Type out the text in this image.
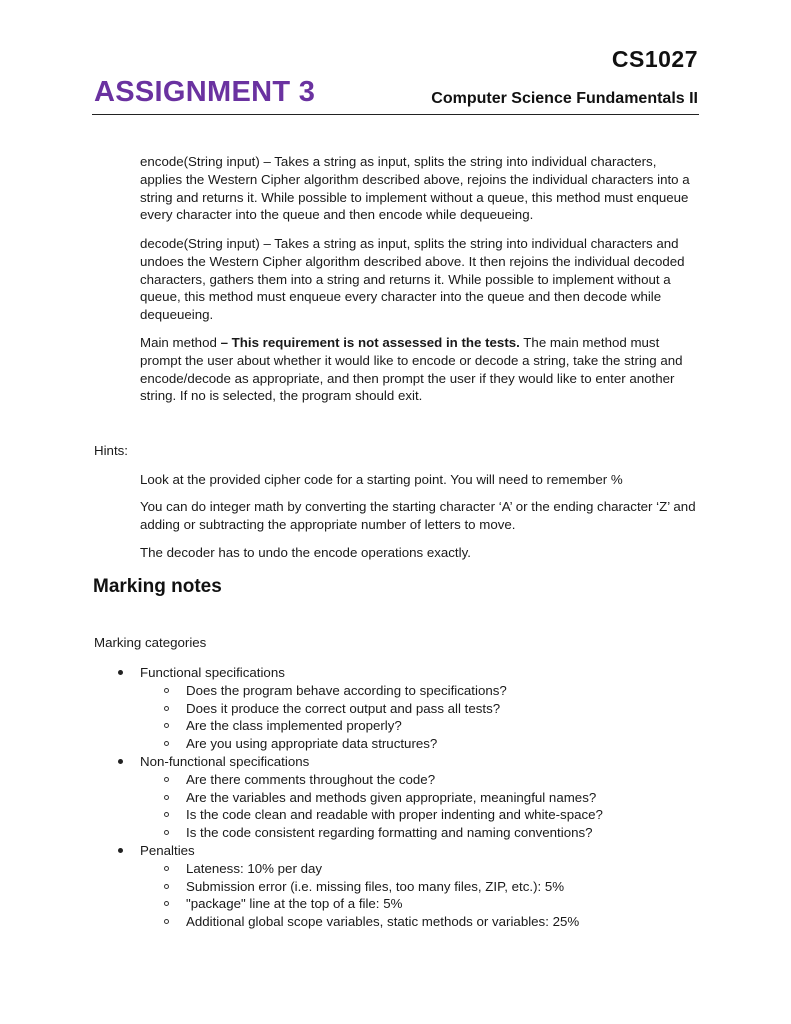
CS1027
ASSIGNMENT 3	Computer Science Fundamentals II

encode(String input) – Takes a string as input, splits the string into individual characters, applies the Western Cipher algorithm described above, rejoins the individual characters into a string and returns it. While possible to implement without a queue, this method must enqueue every character into the queue and then encode while dequeueing.

decode(String input) – Takes a string as input, splits the string into individual characters and undoes the Western Cipher algorithm described above. It then rejoins the individual decoded characters, gathers them into a string and returns it. While possible to implement without a queue, this method must enqueue every character into the queue and then decode while dequeueing.

Main method – This requirement is not assessed in the tests. The main method must prompt the user about whether it would like to encode or decode a string, take the string and encode/decode as appropriate, and then prompt the user if they would like to enter another string. If no is selected, the program should exit.

Hints:

Look at the provided cipher code for a starting point. You will need to remember %

You can do integer math by converting the starting character ‘A’ or the ending character ‘Z’ and adding or subtracting the appropriate number of letters to move.

The decoder has to undo the encode operations exactly.

Marking notes
Marking categories
Functional specifications
Does the program behave according to specifications?
Does it produce the correct output and pass all tests?
Are the class implemented properly?
Are you using appropriate data structures?
Non-functional specifications
Are there comments throughout the code?
Are the variables and methods given appropriate, meaningful names?
Is the code clean and readable with proper indenting and white-space?
Is the code consistent regarding formatting and naming conventions?
Penalties
Lateness: 10% per day
Submission error (i.e. missing files, too many files, ZIP, etc.): 5%
"package" line at the top of a file: 5%
Additional global scope variables, static methods or variables: 25%
